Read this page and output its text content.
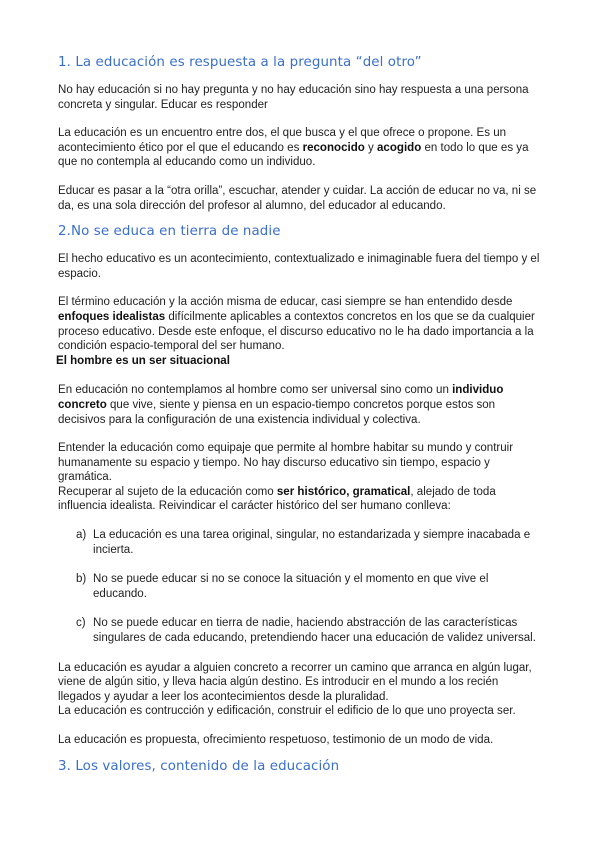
1. La educación es respuesta a la pregunta “del otro”

No hay educación si no hay pregunta y no hay educación sino hay respuesta a una persona concreta y singular. Educar es responder

La educación es un encuentro entre dos, el que busca y el que ofrece o propone. Es un acontecimiento ético por el que el educando es reconocido y acogido en todo lo que es ya que no contempla al educando como un individuo.

Educar es pasar a la “otra orilla”, escuchar, atender y cuidar. La acción de educar no va, ni se da, es una sola dirección del profesor al alumno, del educador al educando.

2.No se educa en tierra de nadie

El hecho educativo es un acontecimiento, contextualizado e inimaginable fuera del tiempo y el espacio.

El término educación y la acción misma de educar, casi siempre se han entendido desde enfoques idealistas difícilmente aplicables a contextos concretos en los que se da cualquier proceso educativo. Desde este enfoque, el discurso educativo no le ha dado importancia a la condición espacio-temporal del ser humano.

El hombre es un ser situacional

En educación no contemplamos al hombre como ser universal sino como un individuo concreto que vive, siente y piensa en un espacio-tiempo concretos porque estos son decisivos para la configuración de una existencia individual y colectiva.

Entender la educación como equipaje que permite al hombre habitar su mundo y contruir humanamente su espacio y tiempo. No hay discurso educativo sin tiempo, espacio y gramática.

Recuperar al sujeto de la educación como ser histórico, gramatical, alejado de toda influencia idealista. Reivindicar el carácter histórico del ser humano conlleva:

a) La educación es una tarea original, singular, no estandarizada y siempre inacabada e incierta.
b) No se puede educar si no se conoce la situación y el momento en que vive el educando.
c) No se puede educar en tierra de nadie, haciendo abstracción de las características singulares de cada educando, pretendiendo hacer una educación de validez universal.

La educación es ayudar a alguien concreto a recorrer un camino que arranca en algún lugar, viene de algún sitio, y lleva hacia algún destino. Es introducir en el mundo a los recién llegados y ayudar a leer los acontecimientos desde la pluralidad.

La educación es contrucción y edificación, construir el edificio de lo que uno proyecta ser.

La educación es propuesta, ofrecimiento respetuoso, testimonio de un modo de vida.

3. Los valores, contenido de la educación
